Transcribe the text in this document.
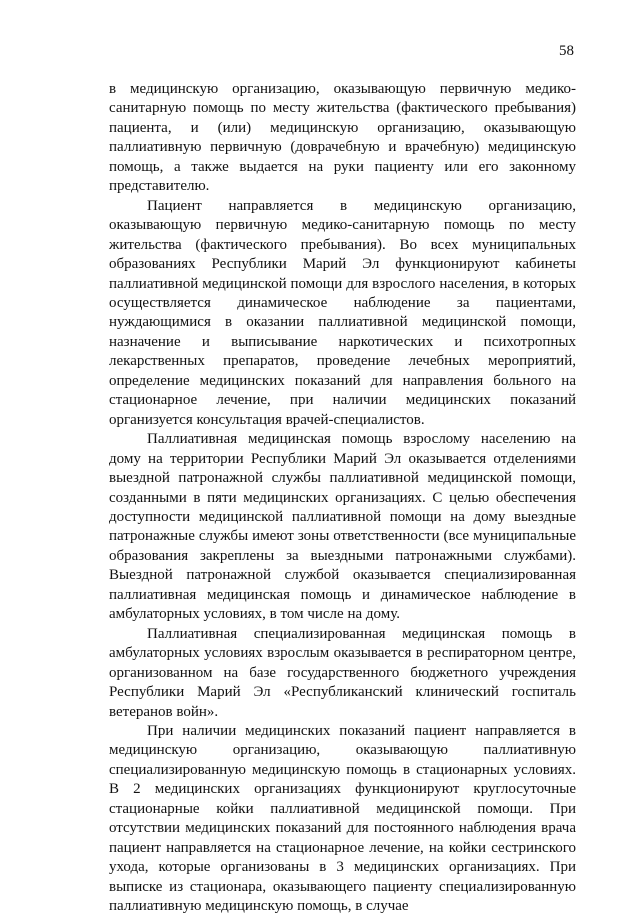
58

в медицинскую организацию, оказывающую первичную медико-санитарную помощь по месту жительства (фактического пребывания) пациента, и (или) медицинскую организацию, оказывающую паллиативную первичную (доврачебную и врачебную) медицинскую помощь, а также выдается на руки пациенту или его законному представителю.

Пациент направляется в медицинскую организацию, оказывающую первичную медико-санитарную помощь по месту жительства (фактического пребывания). Во всех муниципальных образованиях Республики Марий Эл функционируют кабинеты паллиативной медицинской помощи для взрослого населения, в которых осуществляется динамическое наблюдение за пациентами, нуждающимися в оказании паллиативной медицинской помощи, назначение и выписывание наркотических и психотропных лекарственных препаратов, проведение лечебных мероприятий, определение медицинских показаний для направления больного на стационарное лечение, при наличии медицинских показаний организуется консультация врачей-специалистов.

Паллиативная медицинская помощь взрослому населению на дому на территории Республики Марий Эл оказывается отделениями выездной патронажной службы паллиативной медицинской помощи, созданными в пяти медицинских организациях. С целью обеспечения доступности медицинской паллиативной помощи на дому выездные патронажные службы имеют зоны ответственности (все муниципальные образования закреплены за выездными патронажными службами). Выездной патронажной службой оказывается специализированная паллиативная медицинская помощь и динамическое наблюдение в амбулаторных условиях, в том числе на дому.

Паллиативная специализированная медицинская помощь в амбулаторных условиях взрослым оказывается в респираторном центре, организованном на базе государственного бюджетного учреждения Республики Марий Эл «Республиканский клинический госпиталь ветеранов войн».

При наличии медицинских показаний пациент направляется в медицинскую организацию, оказывающую паллиативную специализированную медицинскую помощь в стационарных условиях. В 2 медицинских организациях функционируют круглосуточные стационарные койки паллиативной медицинской помощи. При отсутствии медицинских показаний для постоянного наблюдения врача пациент направляется на стационарное лечение, на койки сестринского ухода, которые организованы в 3 медицинских организациях. При выписке из стационара, оказывающего пациенту специализированную паллиативную медицинскую помощь, в случае
